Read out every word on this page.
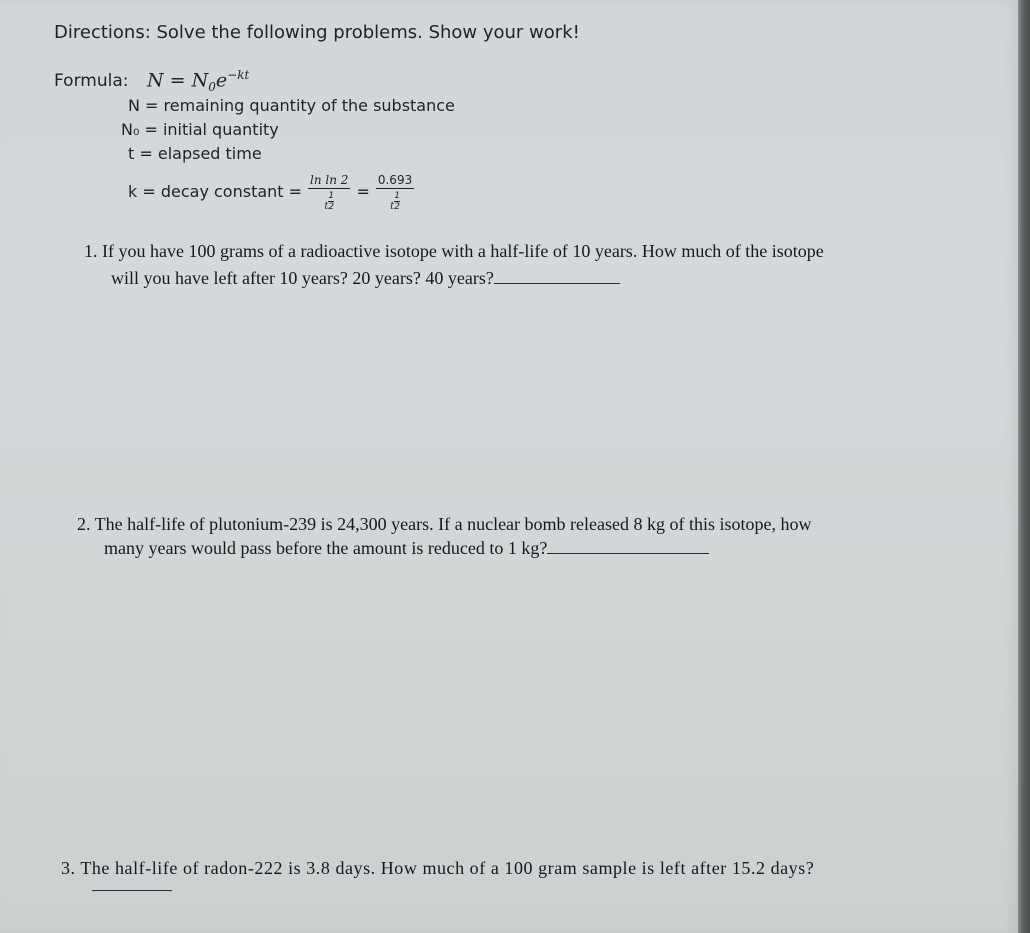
Directions: Solve the following problems. Show your work!
Formula: $N = N_0e^{-kt}$
N = remaining quantity of the substance
N₀ = initial quantity
t = elapsed time
k = decay constant = $\frac{\text{ln ln 2}}{t \frac{1}{2}} = \frac{0.693}{t \frac{1}{2}}$
1. If you have 100 grams of a radioactive isotope with a half-life of 10 years. How much of the isotope
will you have left after 10 years? 20 years? 40 years?
2. The half-life of plutonium-239 is 24,300 years. If a nuclear bomb released 8 kg of this isotope, how
many years would pass before the amount is reduced to 1 kg?
3. The half-life of radon-222 is 3.8 days. How much of a 100 gram sample is left after 15.2 days?
